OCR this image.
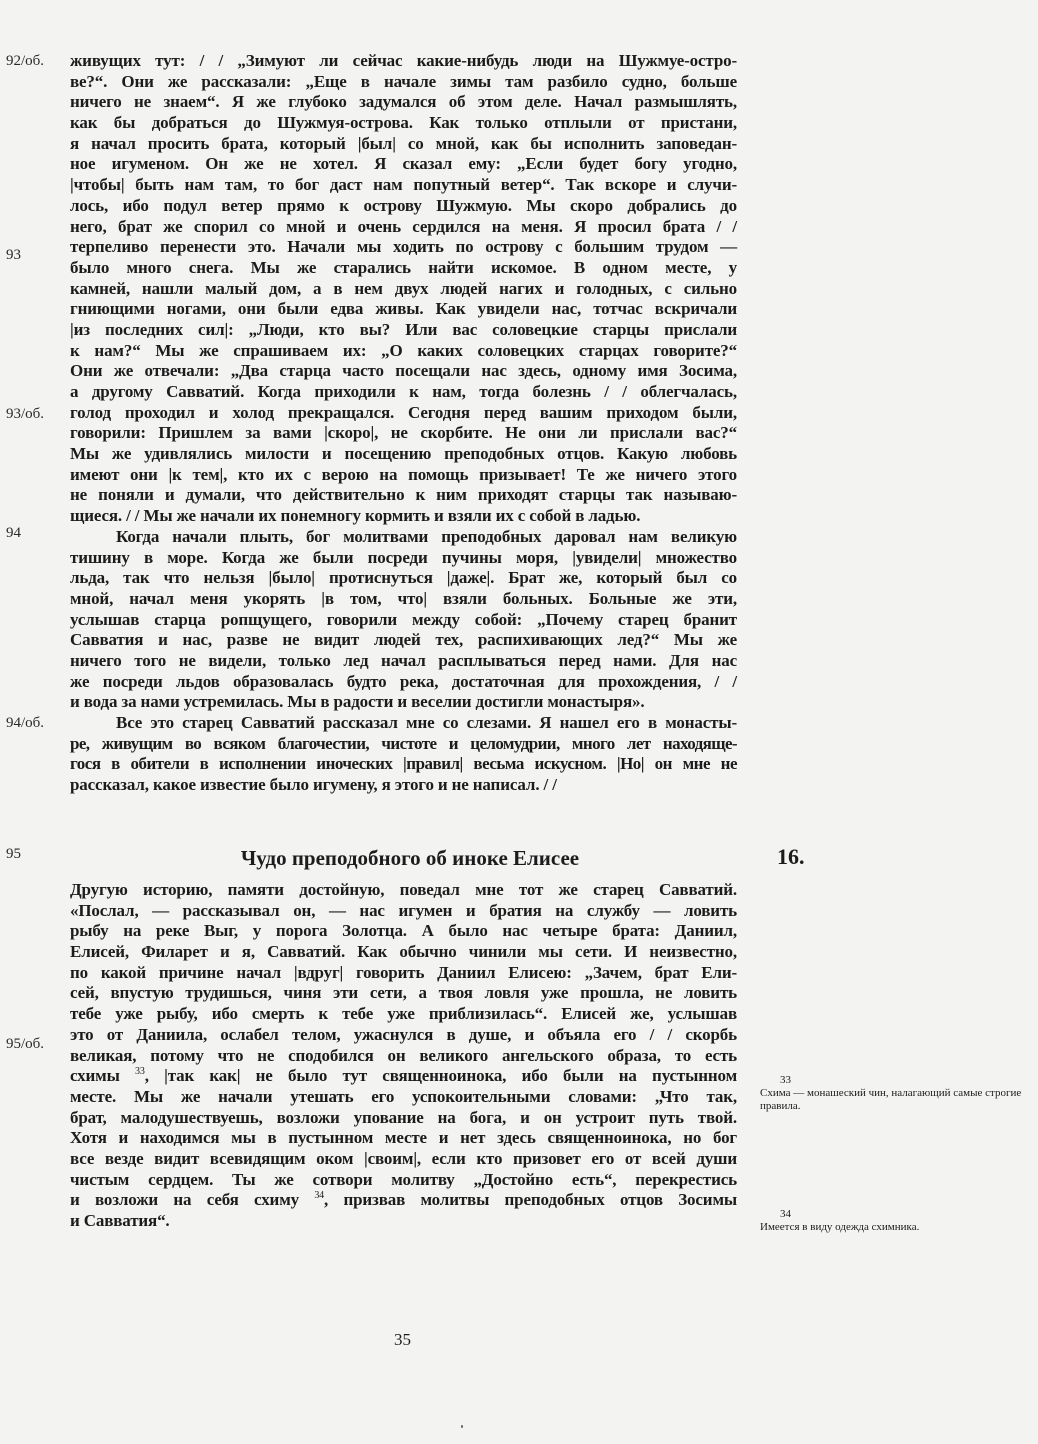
92/об.
93
93/об.
94
94/об.
95
95/об.
живущих тут: / / „Зимуют ли сейчас какие-нибудь люди на Шужмуе-остро-
ве?“. Они же рассказали: „Еще в начале зимы там разбило судно, больше
ничего не знаем“. Я же глубоко задумался об этом деле. Начал размышлять,
как бы добраться до Шужмуя-острова. Как только отплыли от пристани,
я начал просить брата, который |был| со мной, как бы исполнить заповедан-
ное игуменом. Он же не хотел. Я сказал ему: „Если будет богу угодно,
|чтобы| быть нам там, то бог даст нам попутный ветер“. Так вскоре и случи-
лось, ибо подул ветер прямо к острову Шужмую. Мы скоро добрались до
него, брат же спорил со мной и очень сердился на меня. Я просил брата / /
терпеливо перенести это. Начали мы ходить по острову с большим трудом —
было много снега. Мы же старались найти искомое. В одном месте, у
камней, нашли малый дом, а в нем двух людей нагих и голодных, с сильно
гниющими ногами, они были едва живы. Как увидели нас, тотчас вскричали
|из последних сил|: „Люди, кто вы? Или вас соловецкие старцы прислали
к нам?“ Мы же спрашиваем их: „О каких соловецких старцах говорите?“
Они же отвечали: „Два старца часто посещали нас здесь, одному имя Зосима,
а другому Савватий. Когда приходили к нам, тогда болезнь / / облегчалась,
голод проходил и холод прекращался. Сегодня перед вашим приходом были,
говорили: Пришлем за вами |скоро|, не скорбите. Не они ли прислали вас?“
Мы же удивлялись милости и посещению преподобных отцов. Какую любовь
имеют они |к тем|, кто их с верою на помощь призывает! Те же ничего этого
не поняли и думали, что действительно к ним приходят старцы так называю-
щиеся. / / Мы же начали их понемногу кормить и взяли их с собой в ладью.
Когда начали плыть, бог молитвами преподобных даровал нам великую
тишину в море. Когда же были посреди пучины моря, |увидели| множество
льда, так что нельзя |было| протиснуться |даже|. Брат же, который был со
мной, начал меня укорять |в том, что| взяли больных. Больные же эти,
услышав старца ропщущего, говорили между собой: „Почему старец бранит
Савватия и нас, разве не видит людей тех, распихивающих лед?“ Мы же
ничего того не видели, только лед начал расплываться перед нами. Для нас
же посреди льдов образовалась будто река, достаточная для прохождения, / /
и вода за нами устремилась. Мы в радости и веселии достигли монастыря».
Все это старец Савватий рассказал мне со слезами. Я нашел его в монасты-
ре, живущим во всяком благочестии, чистоте и целомудрии, много лет находяще-
гося в обители в исполнении иноческих |правил| весьма искусном. |Но| он мне не
рассказал, какое известие было игумену, я этого и не написал. / /
Чудо преподобного об иноке Елисее	16.
Другую историю, памяти достойную, поведал мне тот же старец Савватий.
«Послал, — рассказывал он, — нас игумен и братия на службу — ловить
рыбу на реке Выг, у порога Золотца. А было нас четыре брата: Даниил,
Елисей, Филарет и я, Савватий. Как обычно чинили мы сети. И неизвестно,
по какой причине начал |вдруг| говорить Даниил Елисею: „Зачем, брат Ели-
сей, впустую трудишься, чиня эти сети, а твоя ловля уже прошла, не ловить
тебе уже рыбу, ибо смерть к тебе уже приблизилась“. Елисей же, услышав
это от Даниила, ослабел телом, ужаснулся в душе, и объяла его / / скорбь
великая, потому что не сподобился он великого ангельского образа, то есть
схимы $^{33}$, |так как| не было тут священноинока, ибо были на пустынном
месте. Мы же начали утешать его успокоительными словами: „Что так,
брат, малодушествуешь, возложи упование на бога, и он устроит путь твой.
Хотя и находимся мы в пустынном месте и нет здесь священноинока, но бог
все везде видит всевидящим оком |своим|, если кто призовет его от всей души
чистым сердцем. Ты же сотвори молитву „Достойно есть“, перекрестись
и возложи на себя схиму $^{34}$, призвав молитвы преподобных отцов Зосимы
и Савватия“.
33
Схима — монашеский чин, налагающий самые строгие правила.
34
Имеется в виду одежда схимника.
35
